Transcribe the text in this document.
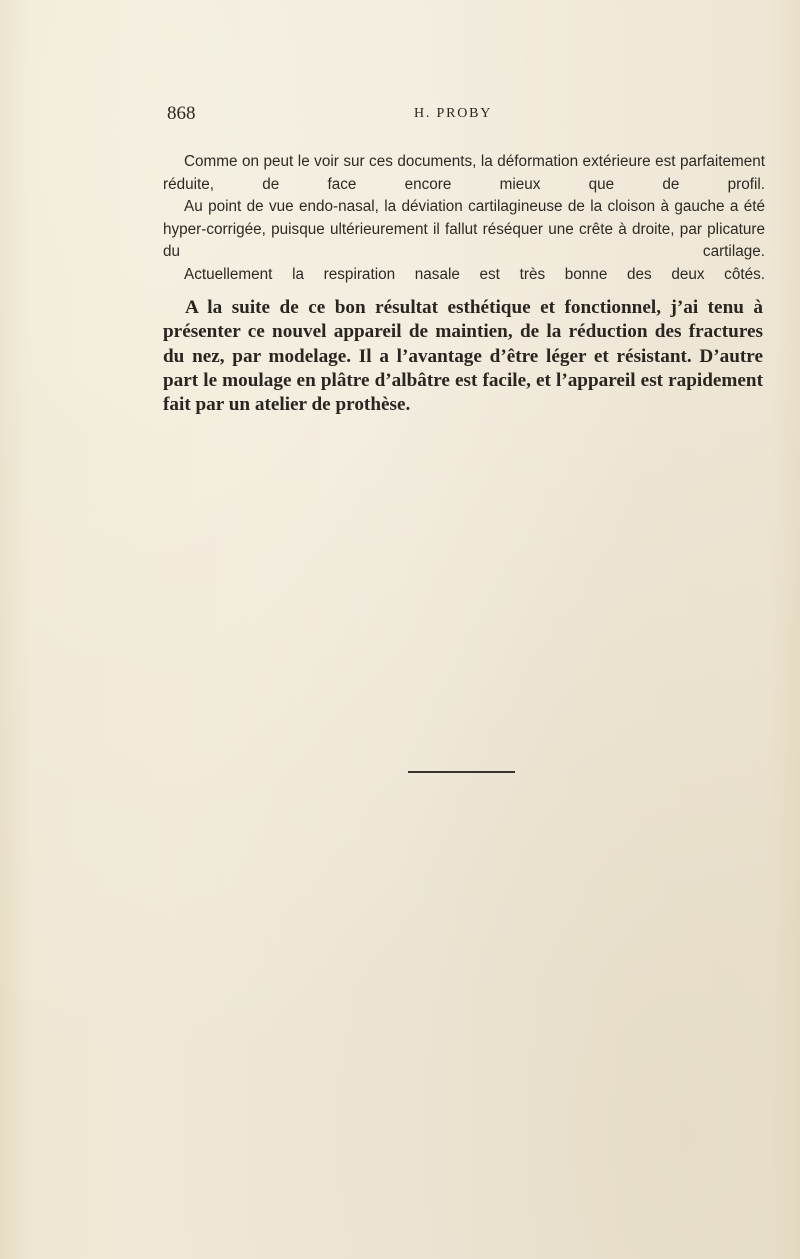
868	H. PROBY

Comme on peut le voir sur ces documents, la déformation extérieure est parfaitement réduite, de face encore mieux que de profil.

Au point de vue endo-nasal, la déviation cartilagineuse de la cloison à gauche a été hyper-corrigée, puisque ultérieurement il fallut réséquer une crête à droite, par plicature du cartilage.

Actuellement la respiration nasale est très bonne des deux côtés.

A la suite de ce bon résultat esthétique et fonctionnel, j’ai tenu à présenter ce nouvel appareil de maintien, de la réduction des fractures du nez, par modelage. Il a l’avantage d’être léger et résistant. D’autre part le moulage en plâtre d’albâtre est facile, et l’appareil est rapidement fait par un atelier de prothèse.
